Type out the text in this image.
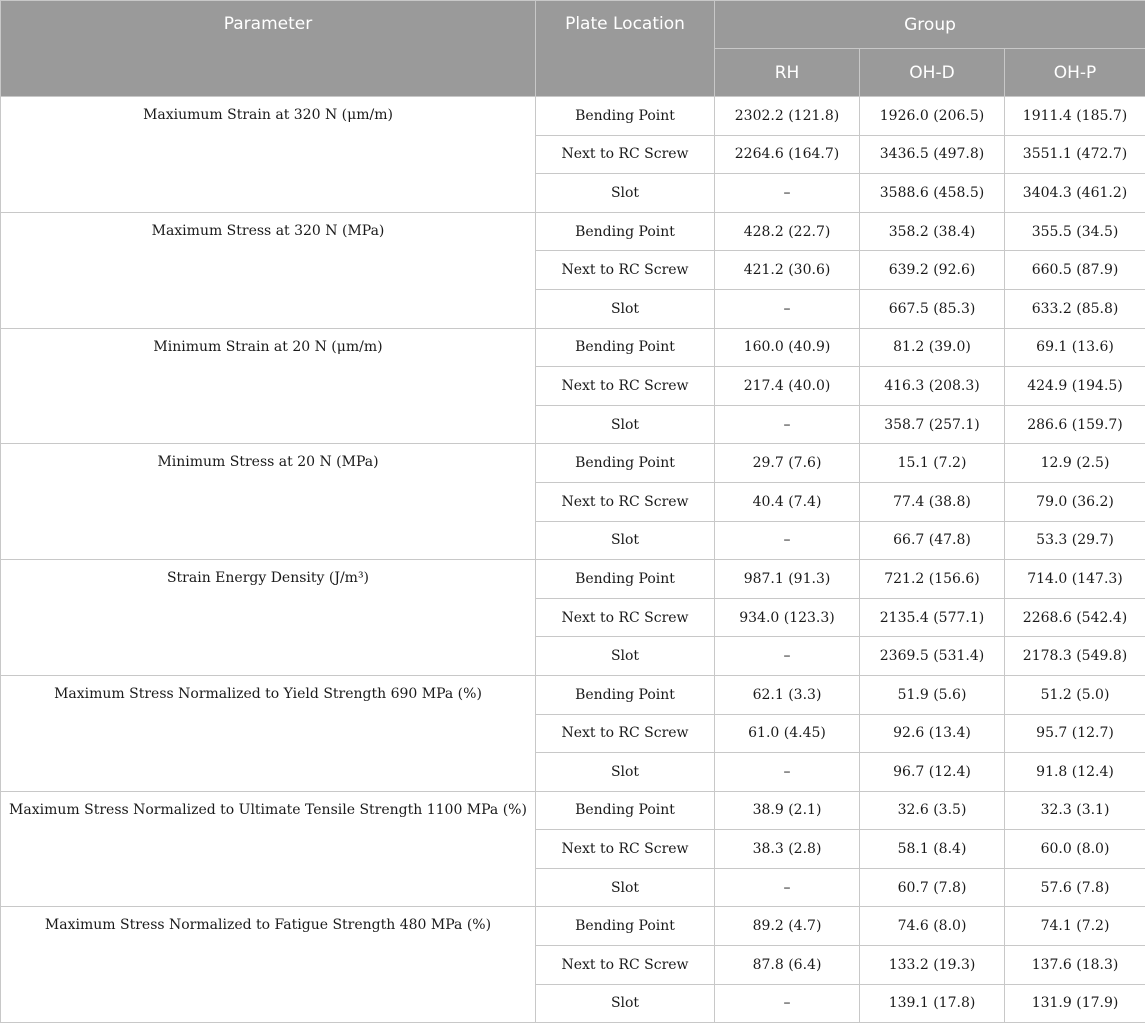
Parameter	Plate Location	Group		
		RH	OH-D	OH-P
Maxiumum Strain at 320 N (μm/m)	Bending Point	2302.2 (121.8)	1926.0 (206.5)	1911.4 (185.7)
	Next to RC Screw	2264.6 (164.7)	3436.5 (497.8)	3551.1 (472.7)
	Slot	–	3588.6 (458.5)	3404.3 (461.2)
Maximum Stress at 320 N (MPa)	Bending Point	428.2 (22.7)	358.2 (38.4)	355.5 (34.5)
	Next to RC Screw	421.2 (30.6)	639.2 (92.6)	660.5 (87.9)
	Slot	–	667.5 (85.3)	633.2 (85.8)
Minimum Strain at 20 N (μm/m)	Bending Point	160.0 (40.9)	81.2 (39.0)	69.1 (13.6)
	Next to RC Screw	217.4 (40.0)	416.3 (208.3)	424.9 (194.5)
	Slot	–	358.7 (257.1)	286.6 (159.7)
Minimum Stress at 20 N (MPa)	Bending Point	29.7 (7.6)	15.1 (7.2)	12.9 (2.5)
	Next to RC Screw	40.4 (7.4)	77.4 (38.8)	79.0 (36.2)
	Slot	–	66.7 (47.8)	53.3 (29.7)
Strain Energy Density (J/m³)	Bending Point	987.1 (91.3)	721.2 (156.6)	714.0 (147.3)
	Next to RC Screw	934.0 (123.3)	2135.4 (577.1)	2268.6 (542.4)
	Slot	–	2369.5 (531.4)	2178.3 (549.8)
Maximum Stress Normalized to Yield Strength 690 MPa (%)	Bending Point	62.1 (3.3)	51.9 (5.6)	51.2 (5.0)
	Next to RC Screw	61.0 (4.45)	92.6 (13.4)	95.7 (12.7)
	Slot	–	96.7 (12.4)	91.8 (12.4)
Maximum Stress Normalized to Ultimate Tensile Strength 1100 MPa (%)	Bending Point	38.9 (2.1)	32.6 (3.5)	32.3 (3.1)
	Next to RC Screw	38.3 (2.8)	58.1 (8.4)	60.0 (8.0)
	Slot	–	60.7 (7.8)	57.6 (7.8)
Maximum Stress Normalized to Fatigue Strength 480 MPa (%)	Bending Point	89.2 (4.7)	74.6 (8.0)	74.1 (7.2)
	Next to RC Screw	87.8 (6.4)	133.2 (19.3)	137.6 (18.3)
	Slot	–	139.1 (17.8)	131.9 (17.9)
